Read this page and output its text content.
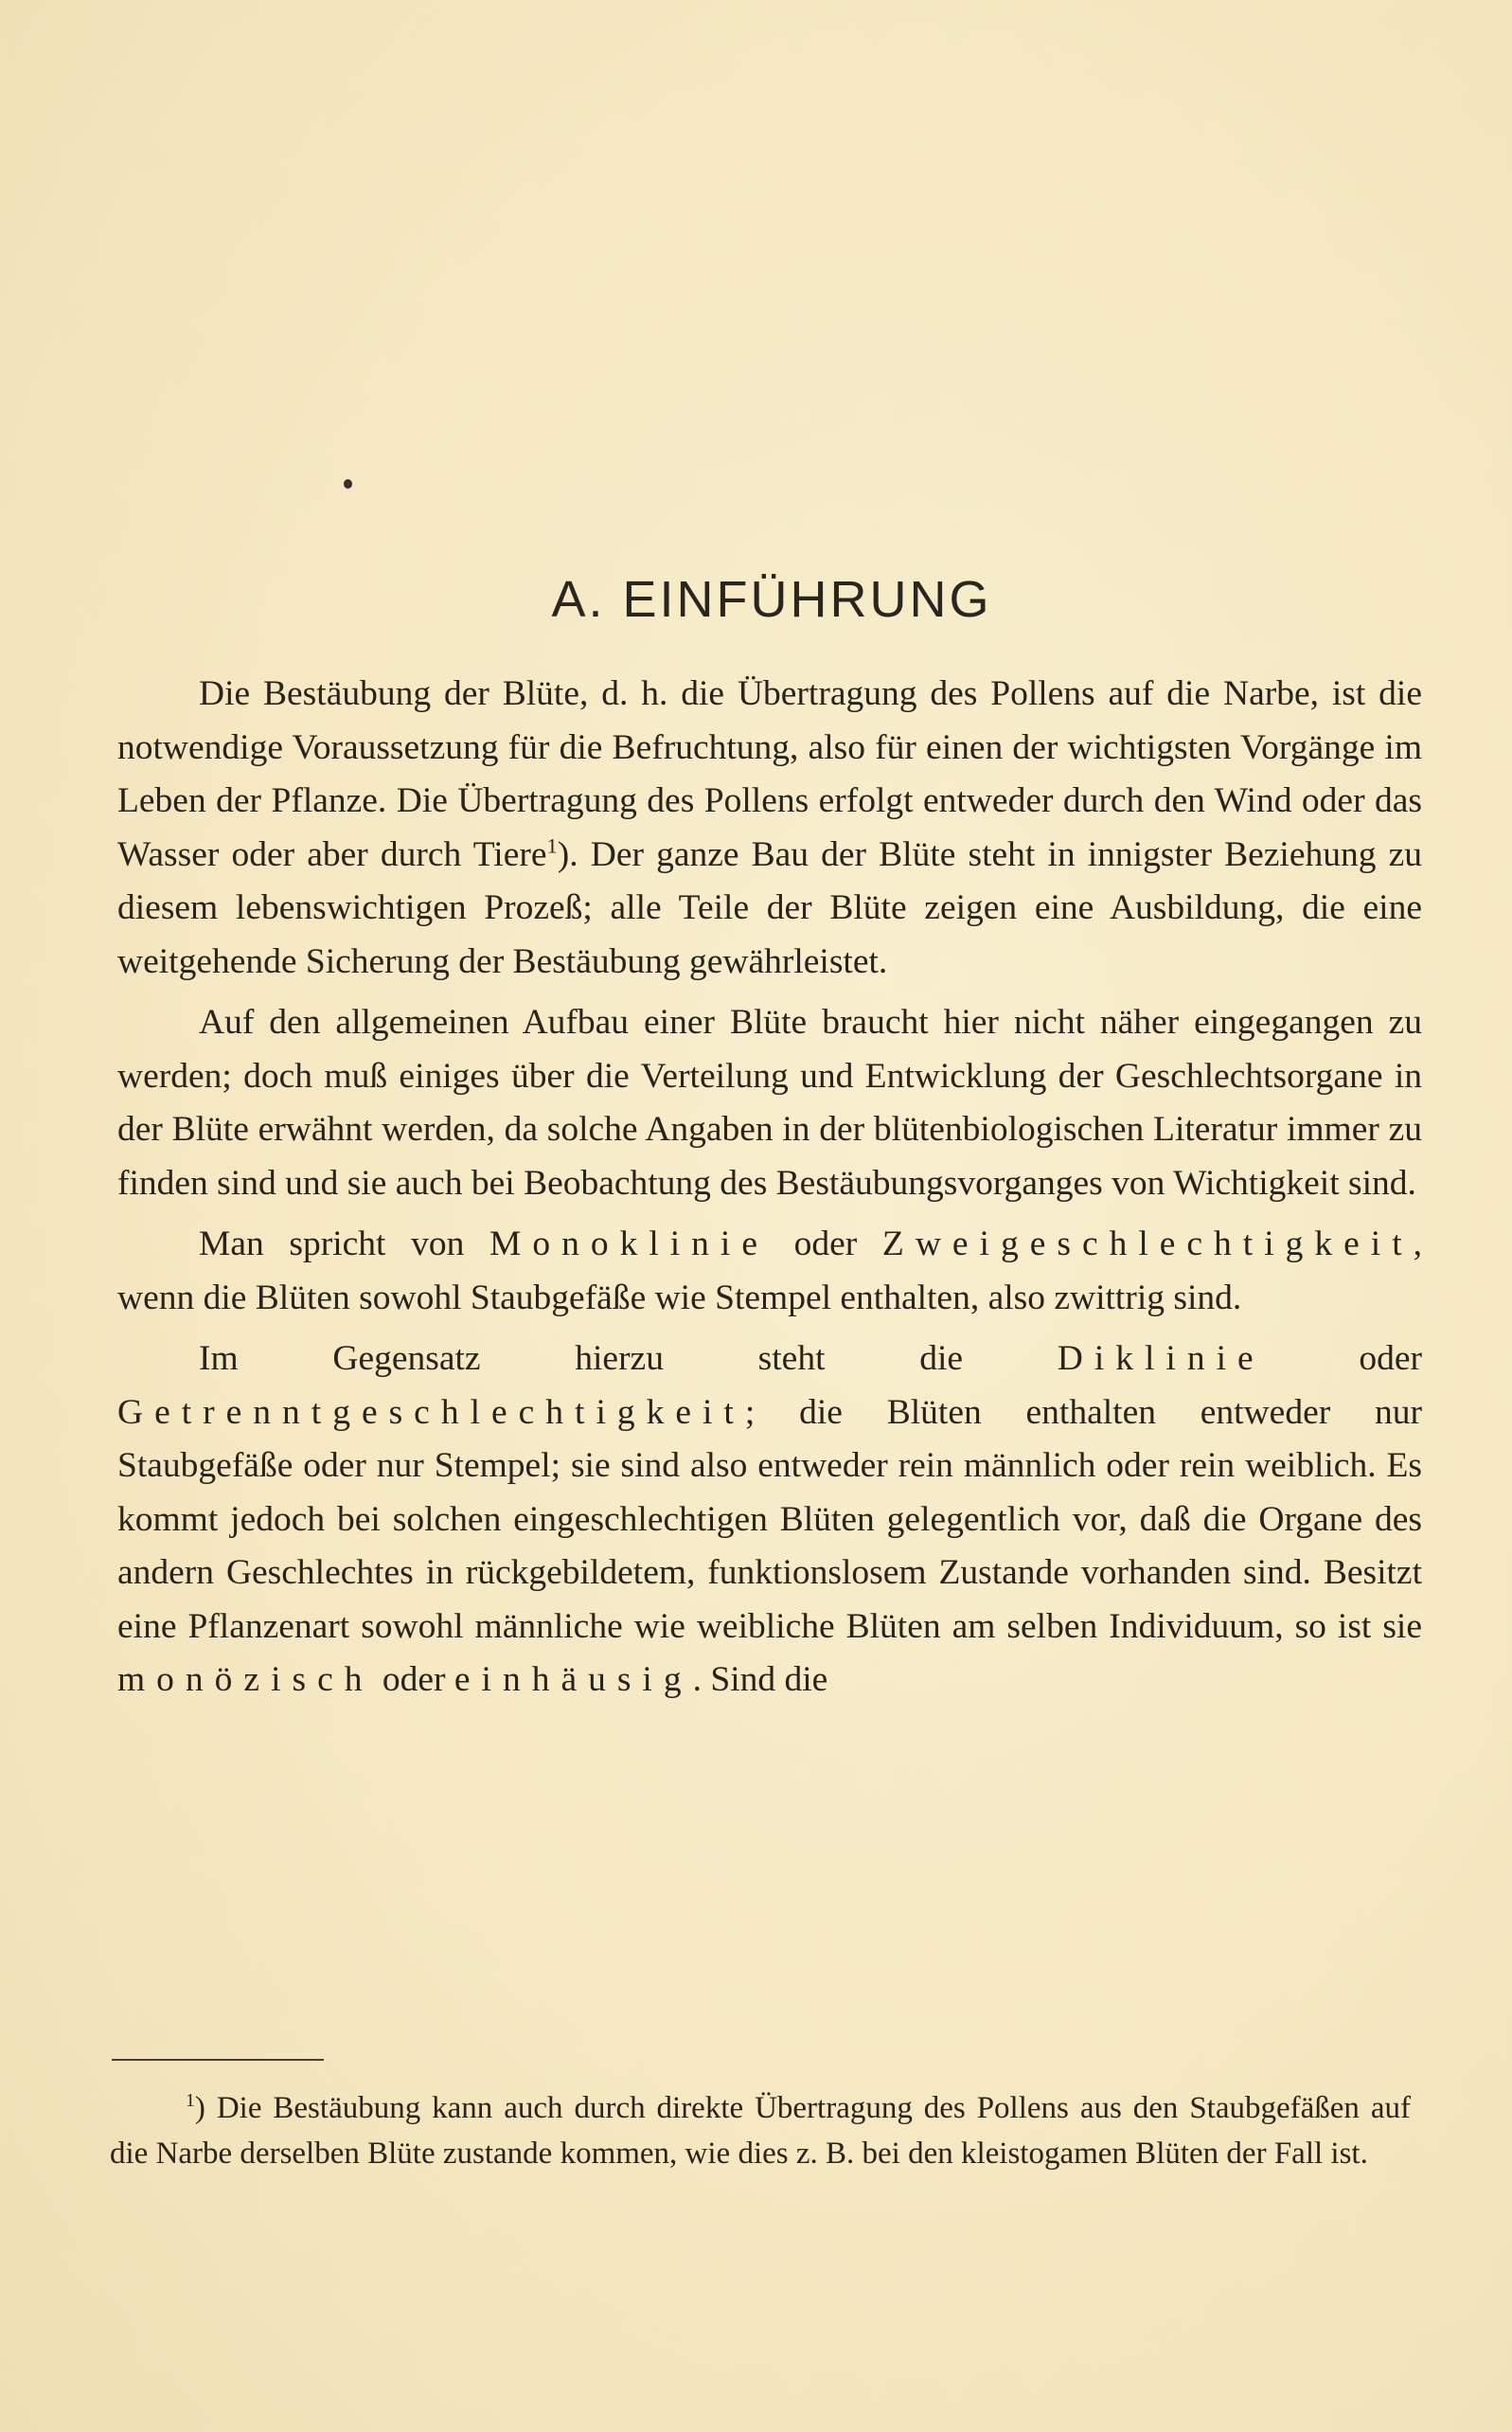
A. EINFÜHRUNG

Die Bestäubung der Blüte, d. h. die Übertragung des Pollens auf die Narbe, ist die notwendige Voraussetzung für die Befruchtung, also für einen der wichtigsten Vorgänge im Leben der Pflanze. Die Übertragung des Pollens erfolgt entweder durch den Wind oder das Wasser oder aber durch Tiere$^1$). Der ganze Bau der Blüte steht in innigster Beziehung zu diesem lebenswichtigen Prozeß; alle Teile der Blüte zeigen eine Ausbildung, die eine weitgehende Sicherung der Bestäubung gewährleistet.

Auf den allgemeinen Aufbau einer Blüte braucht hier nicht näher eingegangen zu werden; doch muß einiges über die Verteilung und Entwicklung der Geschlechtsorgane in der Blüte erwähnt werden, da solche Angaben in der blütenbiologischen Literatur immer zu finden sind und sie auch bei Beobachtung des Bestäubungsvorganges von Wichtigkeit sind.

Man spricht von Monoklinie oder Zweigeschlechtigkeit, wenn die Blüten sowohl Staubgefäße wie Stempel enthalten, also zwittrig sind.

Im Gegensatz hierzu steht die Diklinie oder Getrenntgeschlechtigkeit; die Blüten enthalten entweder nur Staubgefäße oder nur Stempel; sie sind also entweder rein männlich oder rein weiblich. Es kommt jedoch bei solchen eingeschlechtigen Blüten gelegentlich vor, daß die Organe des andern Geschlechtes in rückgebildetem, funktionslosem Zustande vorhanden sind. Besitzt eine Pflanzenart sowohl männliche wie weibliche Blüten am selben Individuum, so ist sie monözisch oder einhäusig. Sind die

$^1$) Die Bestäubung kann auch durch direkte Übertragung des Pollens aus den Staubgefäßen auf die Narbe derselben Blüte zustande kommen, wie dies z. B. bei den kleistogamen Blüten der Fall ist.
